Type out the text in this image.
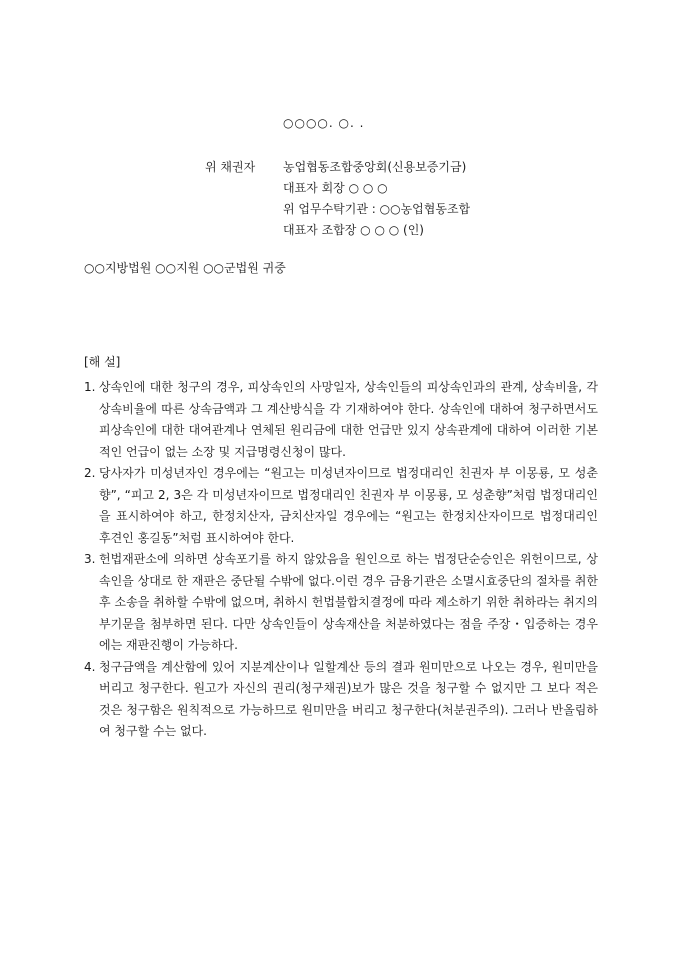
○○○○. ○. .
위 채권자	농업협동조합중앙회(신용보증기금)
대표자 회장 ○ ○ ○
위 업무수탁기관 : ○○농업협동조합
대표자 조합장 ○ ○ ○ (인)
○○지방법원 ○○지원 ○○군법원 귀중
[해 설]
1. 상속인에 대한 청구의 경우, 피상속인의 사망일자, 상속인들의 피상속인과의 관계, 상속비율, 각 상속비율에 따른 상속금액과 그 계산방식을 각 기재하여야 한다. 상속인에 대하여 청구하면서도 피상속인에 대한 대여관계나 연체된 원리금에 대한 언급만 있지 상속관계에 대하여 이러한 기본적인 언급이 없는 소장 및 지급명령신청이 많다.
2. 당사자가 미성년자인 경우에는 “원고는 미성년자이므로 법정대리인 친권자 부 이몽룡, 모 성춘향”, “피고 2, 3은 각 미성년자이므로 법정대리인 친권자 부 이몽룡, 모 성춘향”처럼 법정대리인을 표시하여야 하고, 한정치산자, 금치산자일 경우에는 “원고는 한정치산자이므로 법정대리인 후견인 홍길동”처럼 표시하여야 한다.
3. 헌법재판소에 의하면 상속포기를 하지 않았음을 원인으로 하는 법정단순승인은 위헌이므로, 상속인을 상대로 한 재판은 중단될 수밖에 없다.이런 경우 금융기관은 소멸시효중단의 절차를 취한 후 소송을 취하할 수밖에 없으며, 취하시 헌법불합치결정에 따라 제소하기 위한 취하라는 취지의 부기문을 첨부하면 된다. 다만 상속인들이 상속재산을 처분하였다는 점을 주장・입증하는 경우에는 재판진행이 가능하다.
4. 청구금액을 계산함에 있어 지분계산이나 일할계산 등의 결과 원미만으로 나오는 경우, 원미만을 버리고 청구한다. 원고가 자신의 권리(청구채권)보가 많은 것을 청구할 수 없지만 그 보다 적은 것은 청구함은 원칙적으로 가능하므로 원미만을 버리고 청구한다(처분권주의). 그러나 반올림하여 청구할 수는 없다.
